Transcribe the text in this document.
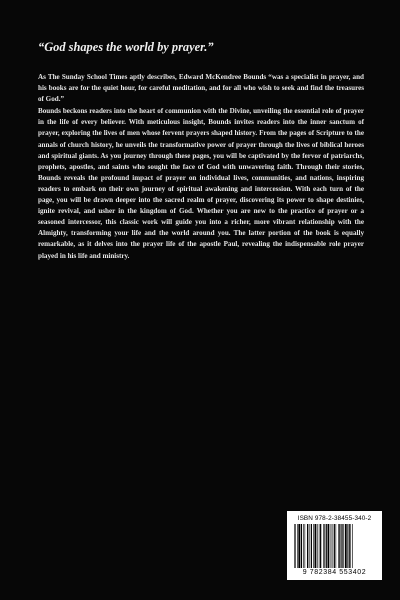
“God shapes the world by prayer.”

As The Sunday School Times aptly describes, Edward McKendree Bounds “was a specialist in prayer, and his books are for the quiet hour, for careful meditation, and for all who wish to seek and find the treasures of God.”

Bounds beckons readers into the heart of communion with the Divine, unveiling the essential role of prayer in the life of every believer. With meticulous insight, Bounds invites readers into the inner sanctum of prayer, exploring the lives of men whose fervent prayers shaped history. From the pages of Scripture to the annals of church history, he unveils the transformative power of prayer through the lives of biblical heroes and spiritual giants. As you journey through these pages, you will be captivated by the fervor of patriarchs, prophets, apostles, and saints who sought the face of God with unwavering faith. Through their stories, Bounds reveals the profound impact of prayer on individual lives, communities, and nations, inspiring readers to embark on their own journey of spiritual awakening and intercession. With each turn of the page, you will be drawn deeper into the sacred realm of prayer, discovering its power to shape destinies, ignite revival, and usher in the kingdom of God. Whether you are new to the practice of prayer or a seasoned intercessor, this classic work will guide you into a richer, more vibrant relationship with the Almighty, transforming your life and the world around you. The latter portion of the book is equally remarkable, as it delves into the prayer life of the apostle Paul, revealing the indispensable role prayer played in his life and ministry.

ISBN 978-2-38455-340-2
9 782384 553402
